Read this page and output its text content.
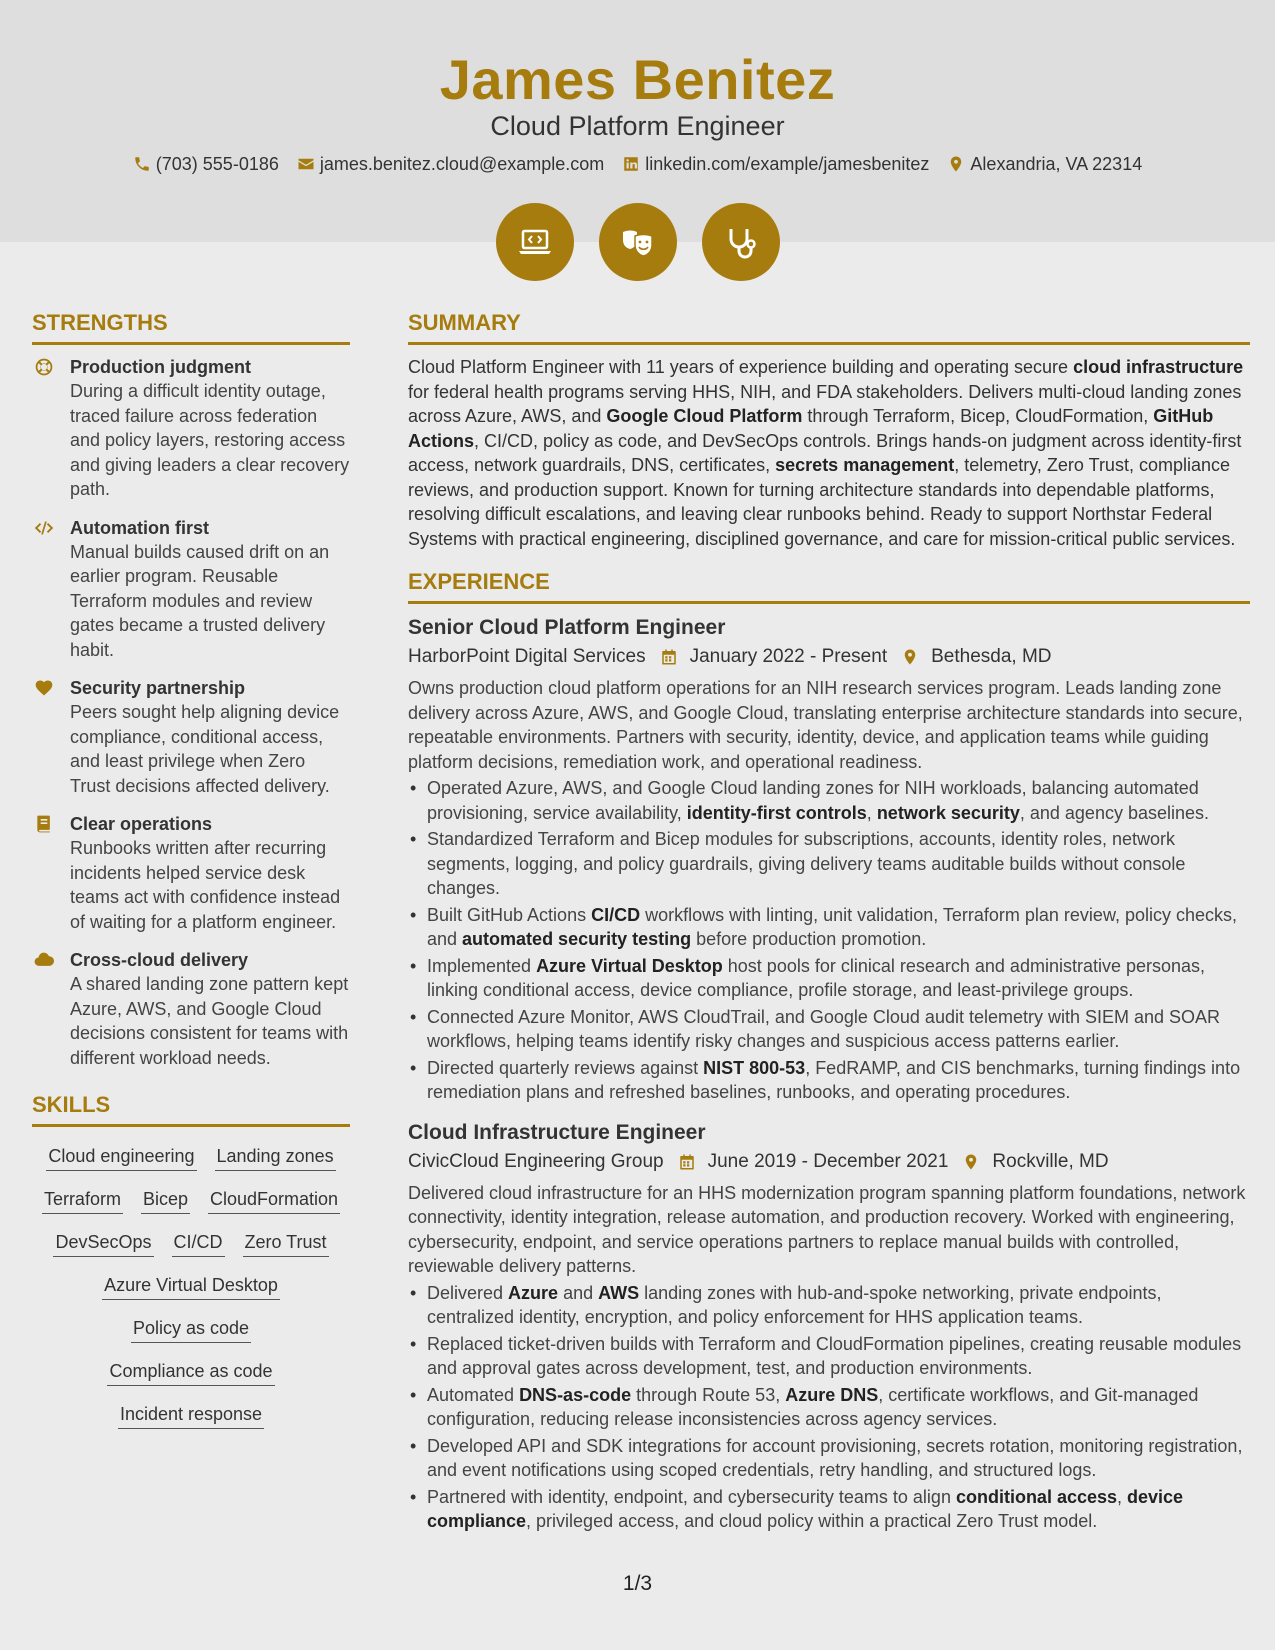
James Benitez
Cloud Platform Engineer
(703) 555-0186 james.benitez.cloud@example.com linkedin.com/example/jamesbenitez Alexandria, VA 22314
STRENGTHS
Production judgment
During a difficult identity outage, traced failure across federation and policy layers, restoring access and giving leaders a clear recovery path.
Automation first
Manual builds caused drift on an earlier program. Reusable Terraform modules and review gates became a trusted delivery habit.
Security partnership
Peers sought help aligning device compliance, conditional access, and least privilege when Zero Trust decisions affected delivery.
Clear operations
Runbooks written after recurring incidents helped service desk teams act with confidence instead of waiting for a platform engineer.
Cross-cloud delivery
A shared landing zone pattern kept Azure, AWS, and Google Cloud decisions consistent for teams with different workload needs.
SKILLS
Cloud engineering Landing zones
Terraform Bicep CloudFormation
DevSecOps CI/CD Zero Trust
Azure Virtual Desktop
Policy as code
Compliance as code
Incident response
SUMMARY

Cloud Platform Engineer with 11 years of experience building and operating secure cloud infrastructure for federal health programs serving HHS, NIH, and FDA stakeholders. Delivers multi-cloud landing zones across Azure, AWS, and Google Cloud Platform through Terraform, Bicep, CloudFormation, GitHub Actions, CI/CD, policy as code, and DevSecOps controls. Brings hands-on judgment across identity-first access, network guardrails, DNS, certificates, secrets management, telemetry, Zero Trust, compliance reviews, and production support. Known for turning architecture standards into dependable platforms, resolving difficult escalations, and leaving clear runbooks behind. Ready to support Northstar Federal Systems with practical engineering, disciplined governance, and care for mission-critical public services.

EXPERIENCE
Senior Cloud Platform Engineer
HarborPoint Digital Services January 2022 - Present Bethesda, MD
Owns production cloud platform operations for an NIH research services program. Leads landing zone delivery across Azure, AWS, and Google Cloud, translating enterprise architecture standards into secure, repeatable environments. Partners with security, identity, device, and application teams while guiding platform decisions, remediation work, and operational readiness.
• Operated Azure, AWS, and Google Cloud landing zones for NIH workloads, balancing automated provisioning, service availability, identity-first controls, network security, and agency baselines.
• Standardized Terraform and Bicep modules for subscriptions, accounts, identity roles, network segments, logging, and policy guardrails, giving delivery teams auditable builds without console changes.
• Built GitHub Actions CI/CD workflows with linting, unit validation, Terraform plan review, policy checks, and automated security testing before production promotion.
• Implemented Azure Virtual Desktop host pools for clinical research and administrative personas, linking conditional access, device compliance, profile storage, and least-privilege groups.
• Connected Azure Monitor, AWS CloudTrail, and Google Cloud audit telemetry with SIEM and SOAR workflows, helping teams identify risky changes and suspicious access patterns earlier.
• Directed quarterly reviews against NIST 800-53, FedRAMP, and CIS benchmarks, turning findings into remediation plans and refreshed baselines, runbooks, and operating procedures.
Cloud Infrastructure Engineer
CivicCloud Engineering Group June 2019 - December 2021 Rockville, MD
Delivered cloud infrastructure for an HHS modernization program spanning platform foundations, network connectivity, identity integration, release automation, and production recovery. Worked with engineering, cybersecurity, endpoint, and service operations partners to replace manual builds with controlled, reviewable delivery patterns.
• Delivered Azure and AWS landing zones with hub-and-spoke networking, private endpoints, centralized identity, encryption, and policy enforcement for HHS application teams.
• Replaced ticket-driven builds with Terraform and CloudFormation pipelines, creating reusable modules and approval gates across development, test, and production environments.
• Automated DNS-as-code through Route 53, Azure DNS, certificate workflows, and Git-managed configuration, reducing release inconsistencies across agency services.
• Developed API and SDK integrations for account provisioning, secrets rotation, monitoring registration, and event notifications using scoped credentials, retry handling, and structured logs.
• Partnered with identity, endpoint, and cybersecurity teams to align conditional access, device compliance, privileged access, and cloud policy within a practical Zero Trust model.
1/3
